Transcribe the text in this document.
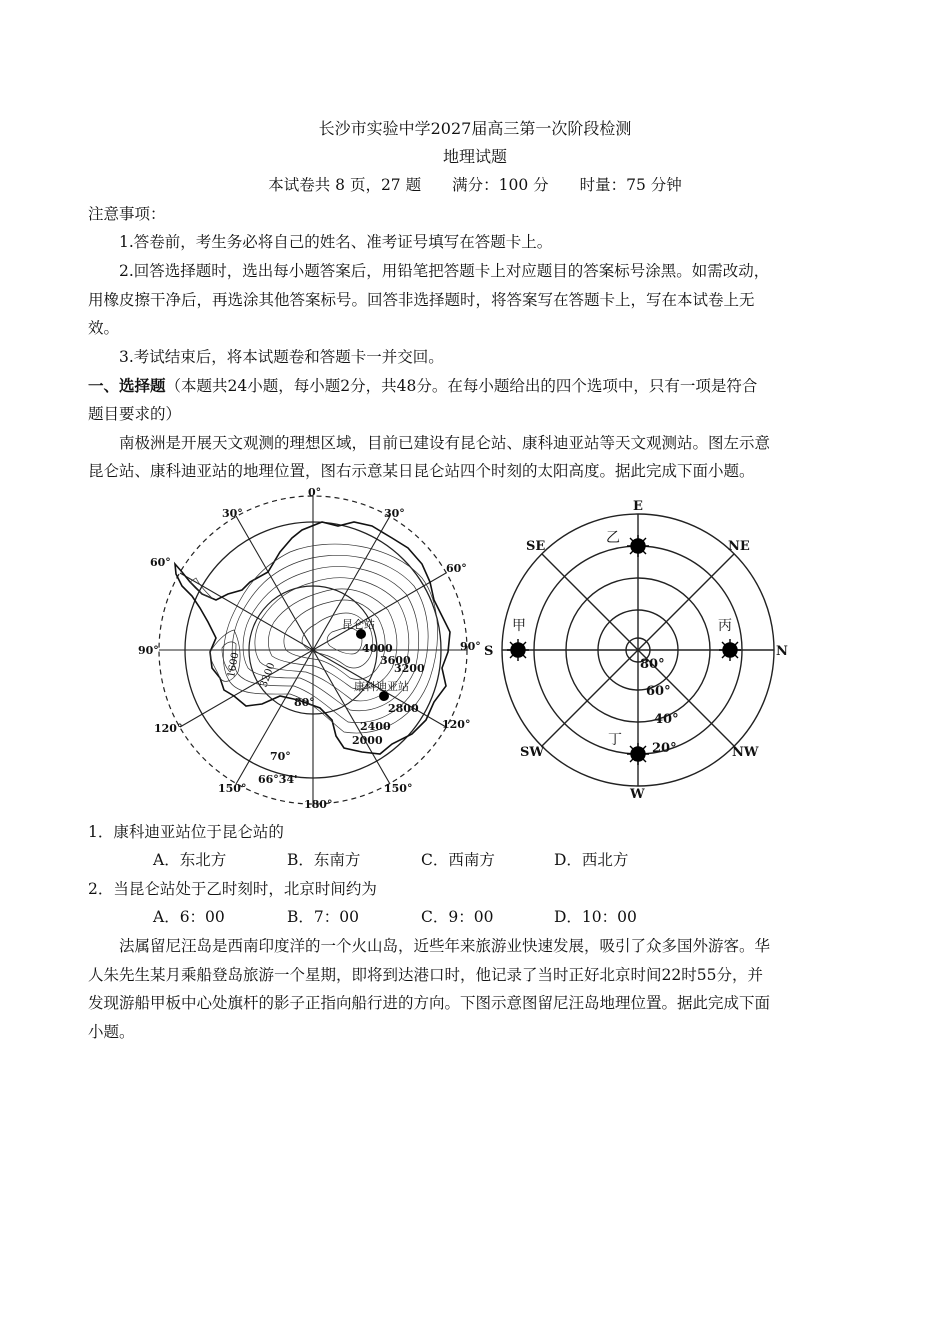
长沙市实验中学2027届高三第一次阶段检测
地理试题
本试卷共 8 页，27 题　　满分：100 分　　时量：75 分钟
注意事项：
1.答卷前，考生务必将自己的姓名、准考证号填写在答题卡上。
2.回答选择题时，选出每小题答案后，用铅笔把答题卡上对应题目的答案标号涂黑。如需改动，
用橡皮擦干净后，再选涂其他答案标号。回答非选择题时，将答案写在答题卡上，写在本试卷上无
效。
3.考试结束后，将本试题卷和答题卡一并交回。
一、选择题（本题共24小题，每小题2分，共48分。在每小题给出的四个选项中，只有一项是符合
题目要求的）
南极洲是开展天文观测的理想区域，目前已建设有昆仑站、康科迪亚站等天文观测站。图左示意
昆仑站、康科迪亚站的地理位置，图右示意某日昆仑站四个时刻的太阳高度。据此完成下面小题。
0°
30°	30°
60°	60°
90°	90°
120°	120°
150°	150°
180°
80°
70°
66°34'
4000
3600
3200
2800
2400
2000
昆仑站
康科迪亚站
1600 3200
E
SE	NE
S	N
SW	NW
W
80°
60°
40°
20°
乙
甲	丙
丁
1．康科迪亚站位于昆仑站的
A．东北方	B．东南方	C．西南方	D．西北方
2．当昆仑站处于乙时刻时，北京时间约为
A．6：00	B．7：00	C．9：00	D．10：00
法属留尼汪岛是西南印度洋的一个火山岛，近些年来旅游业快速发展，吸引了众多国外游客。华
人朱先生某月乘船登岛旅游一个星期，即将到达港口时，他记录了当时正好北京时间22时55分，并
发现游船甲板中心处旗杆的影子正指向船行进的方向。下图示意图留尼汪岛地理位置。据此完成下面
小题。
